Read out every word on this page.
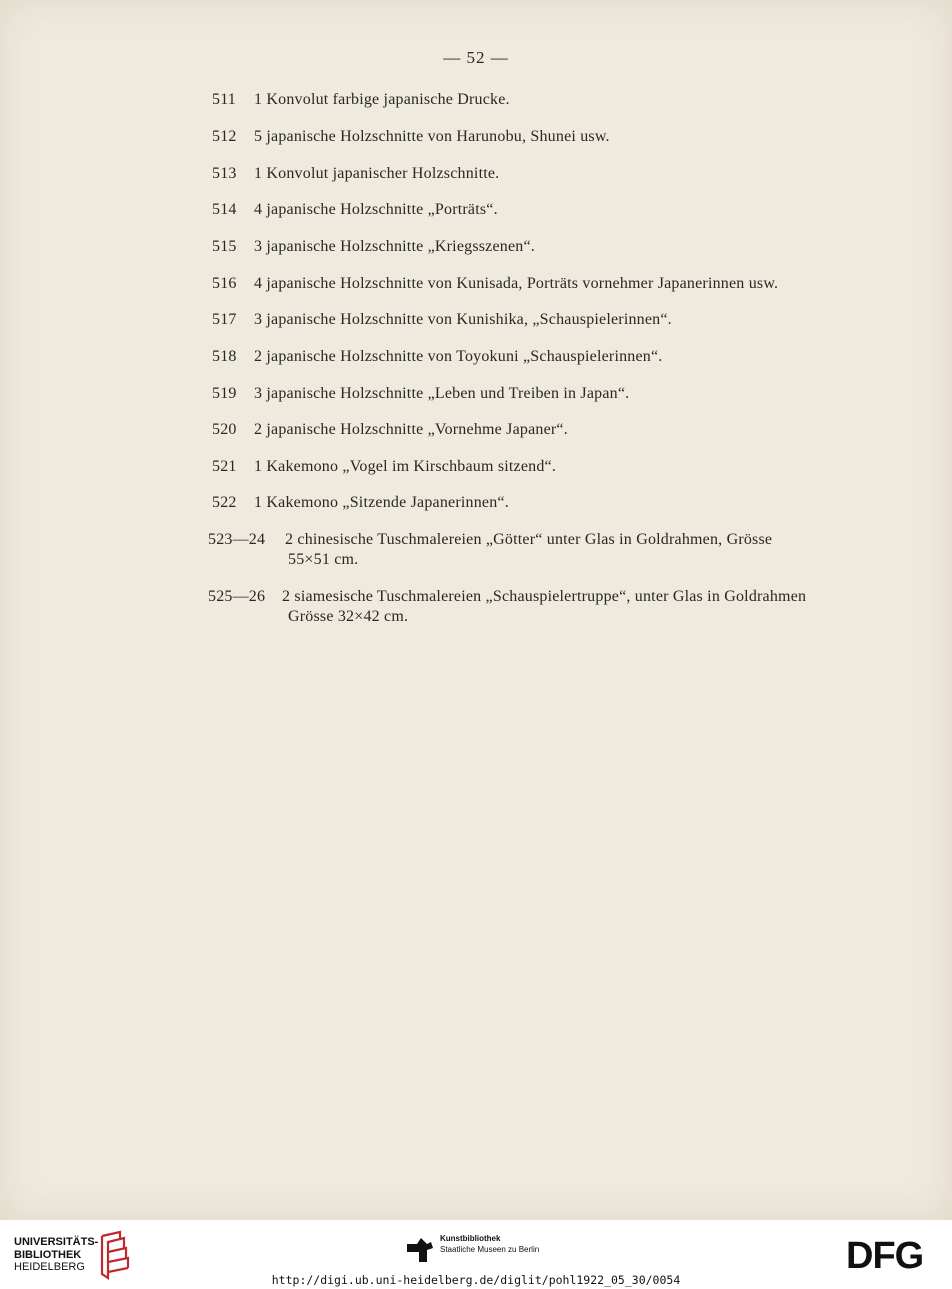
— 52 —
511 1 Konvolut farbige japanische Drucke.
512 5 japanische Holzschnitte von Harunobu, Shunei usw.
513 1 Konvolut japanischer Holzschnitte.
514 4 japanische Holzschnitte „Porträts“.
515 3 japanische Holzschnitte „Kriegsszenen“.
516 4 japanische Holzschnitte von Kunisada, Porträts vornehmer Japanerinnen usw.
517 3 japanische Holzschnitte von Kunishika, „Schauspielerinnen“.
518 2 japanische Holzschnitte von Toyokuni „Schauspielerinnen“.
519 3 japanische Holzschnitte „Leben und Treiben in Japan“.
520 2 japanische Holzschnitte „Vornehme Japaner“.
521 1 Kakemono „Vogel im Kirschbaum sitzend“.
522 1 Kakemono „Sitzende Japanerinnen“.
523—24 2 chinesische Tuschmalereien „Götter“ unter Glas in Goldrahmen, Grösse
55×51 cm.
525—26 2 siamesische Tuschmalereien „Schauspielertruppe“, unter Glas in Goldrahmen
Grösse 32×42 cm.
UNIVERSITÄTS-
BIBLIOTHEK
HEIDELBERG
Kunstbibliothek
Staatliche Museen zu Berlin
http://digi.ub.uni-heidelberg.de/diglit/pohl1922_05_30/0054
DFG
